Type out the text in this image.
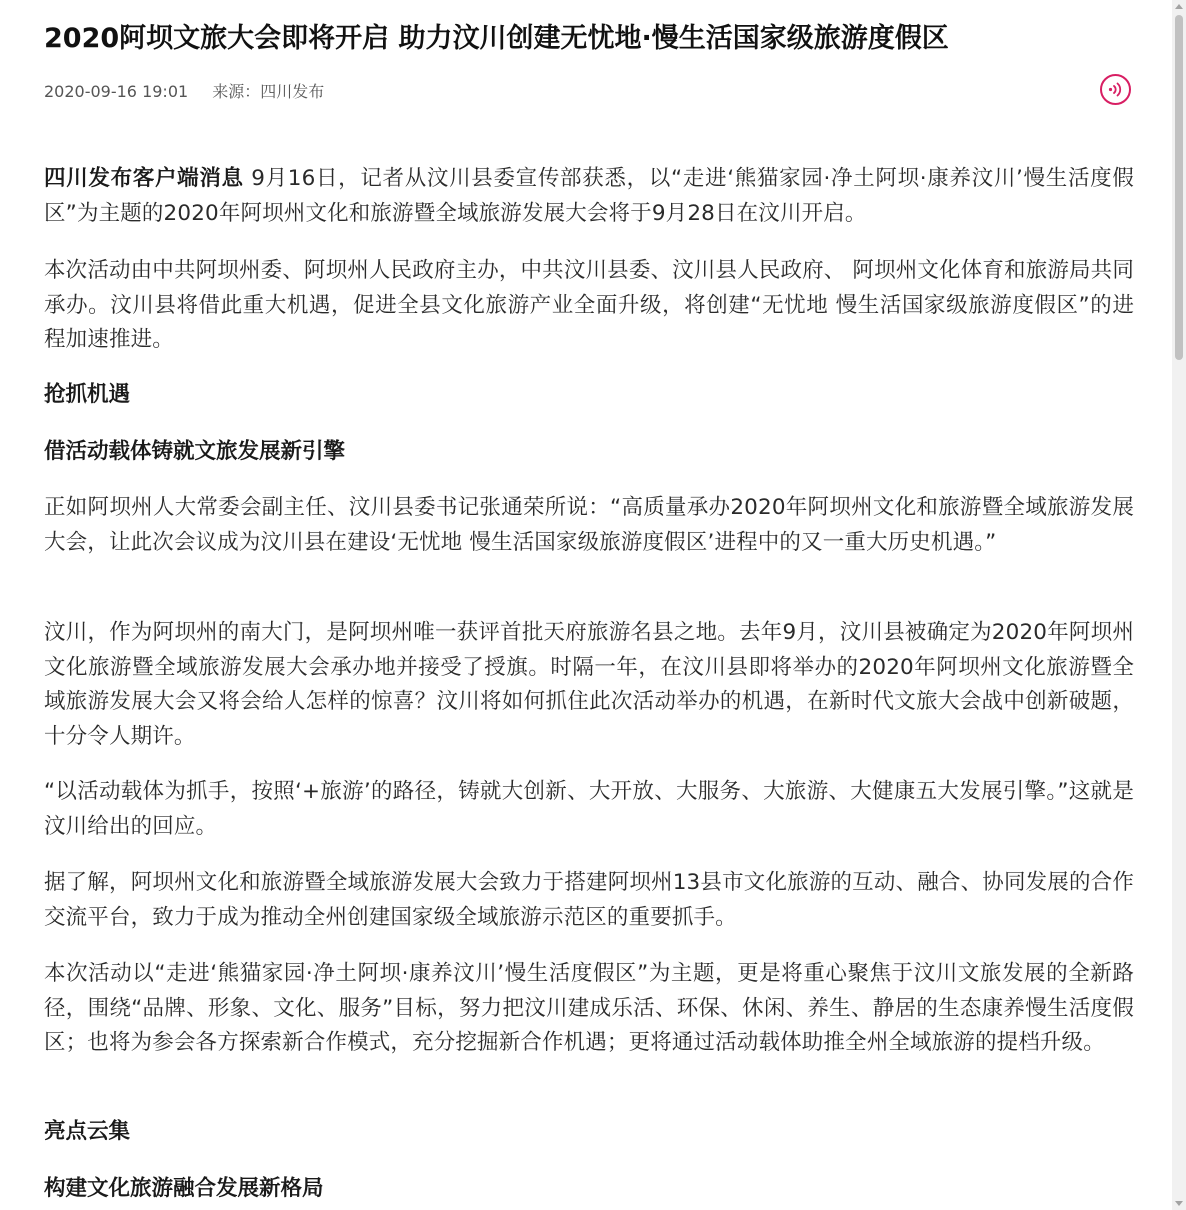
2020阿坝文旅大会即将开启 助力汶川创建无忧地·慢生活国家级旅游度假区
2020-09-16 19:01 来源：四川发布

四川发布客户端消息 9月16日，记者从汶川县委宣传部获悉，以“走进‘熊猫家园·净土阿坝·康养汶川’慢生活度假区”为主题的2020年阿坝州文化和旅游暨全域旅游发展大会将于9月28日在汶川开启。

本次活动由中共阿坝州委、阿坝州人民政府主办，中共汶川县委、汶川县人民政府、 阿坝州文化体育和旅游局共同承办。汶川县将借此重大机遇，促进全县文化旅游产业全面升级，将创建“无忧地 慢生活国家级旅游度假区”的进程加速推进。

抢抓机遇
借活动载体铸就文旅发展新引擎

正如阿坝州人大常委会副主任、汶川县委书记张通荣所说：“高质量承办2020年阿坝州文化和旅游暨全域旅游发展大会，让此次会议成为汶川县在建设‘无忧地 慢生活国家级旅游度假区’进程中的又一重大历史机遇。”

汶川，作为阿坝州的南大门，是阿坝州唯一获评首批天府旅游名县之地。去年9月，汶川县被确定为2020年阿坝州文化旅游暨全域旅游发展大会承办地并接受了授旗。时隔一年，在汶川县即将举办的2020年阿坝州文化旅游暨全域旅游发展大会又将会给人怎样的惊喜？汶川将如何抓住此次活动举办的机遇，在新时代文旅大会战中创新破题，十分令人期许。

“以活动载体为抓手，按照‘+旅游’的路径，铸就大创新、大开放、大服务、大旅游、大健康五大发展引擎。”这就是汶川给出的回应。

据了解，阿坝州文化和旅游暨全域旅游发展大会致力于搭建阿坝州13县市文化旅游的互动、融合、协同发展的合作交流平台，致力于成为推动全州创建国家级全域旅游示范区的重要抓手。

本次活动以“走进‘熊猫家园·净土阿坝·康养汶川’慢生活度假区”为主题，更是将重心聚焦于汶川文旅发展的全新路径，围绕“品牌、形象、文化、服务”目标，努力把汶川建成乐活、环保、休闲、养生、静居的生态康养慢生活度假区；也将为参会各方探索新合作模式，充分挖掘新合作机遇；更将通过活动载体助推全州全域旅游的提档升级。

亮点云集
构建文化旅游融合发展新格局
